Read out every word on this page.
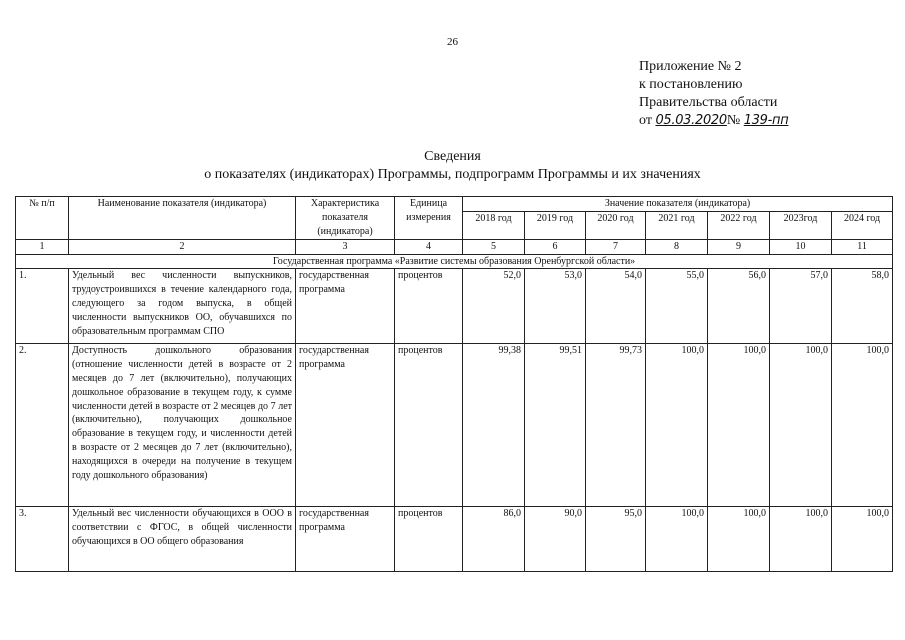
26
Приложение № 2
к постановлению
Правительства области
от 05.03.2020№ 139-пп
Сведения
о показателях (индикаторах) Программы, подпрограмм Программы и их значениях
№ п/п	Наименование показателя (индикатора)	Характеристика показателя (индикатора)	Единица измерения	Значение показателя (индикатора)						
				2018 год	2019 год	2020 год	2021 год	2022 год	2023год	2024 год
1	2	3	4	5	6	7	8	9	10	11
Государственная программа «Развитие системы образования Оренбургской области»										
1.	Удельный вес численности выпускников, трудоустроившихся в течение календарного года, следующего за годом выпуска, в общей численности выпускников ОО, обучавшихся по образовательным программам СПО	государственная программа	процентов	52,0	53,0	54,0	55,0	56,0	57,0	58,0
2.	Доступность дошкольного образования (отношение численности детей в возрасте от 2 месяцев до 7 лет (включительно), получающих дошкольное образование в текущем году, к сумме численности детей в возрасте от 2 месяцев до 7 лет (включительно), получающих дошкольное образование в текущем году, и численности детей в возрасте от 2 месяцев до 7 лет (включительно), находящихся в очереди на получение в текущем году дошкольного образования)	государственная программа	процентов	99,38	99,51	99,73	100,0	100,0	100,0	100,0
3.	Удельный вес численности обучающихся в ООО в соответствии с ФГОС, в общей численности обучающихся в ОО общего образования	государственная программа	процентов	86,0	90,0	95,0	100,0	100,0	100,0	100,0
